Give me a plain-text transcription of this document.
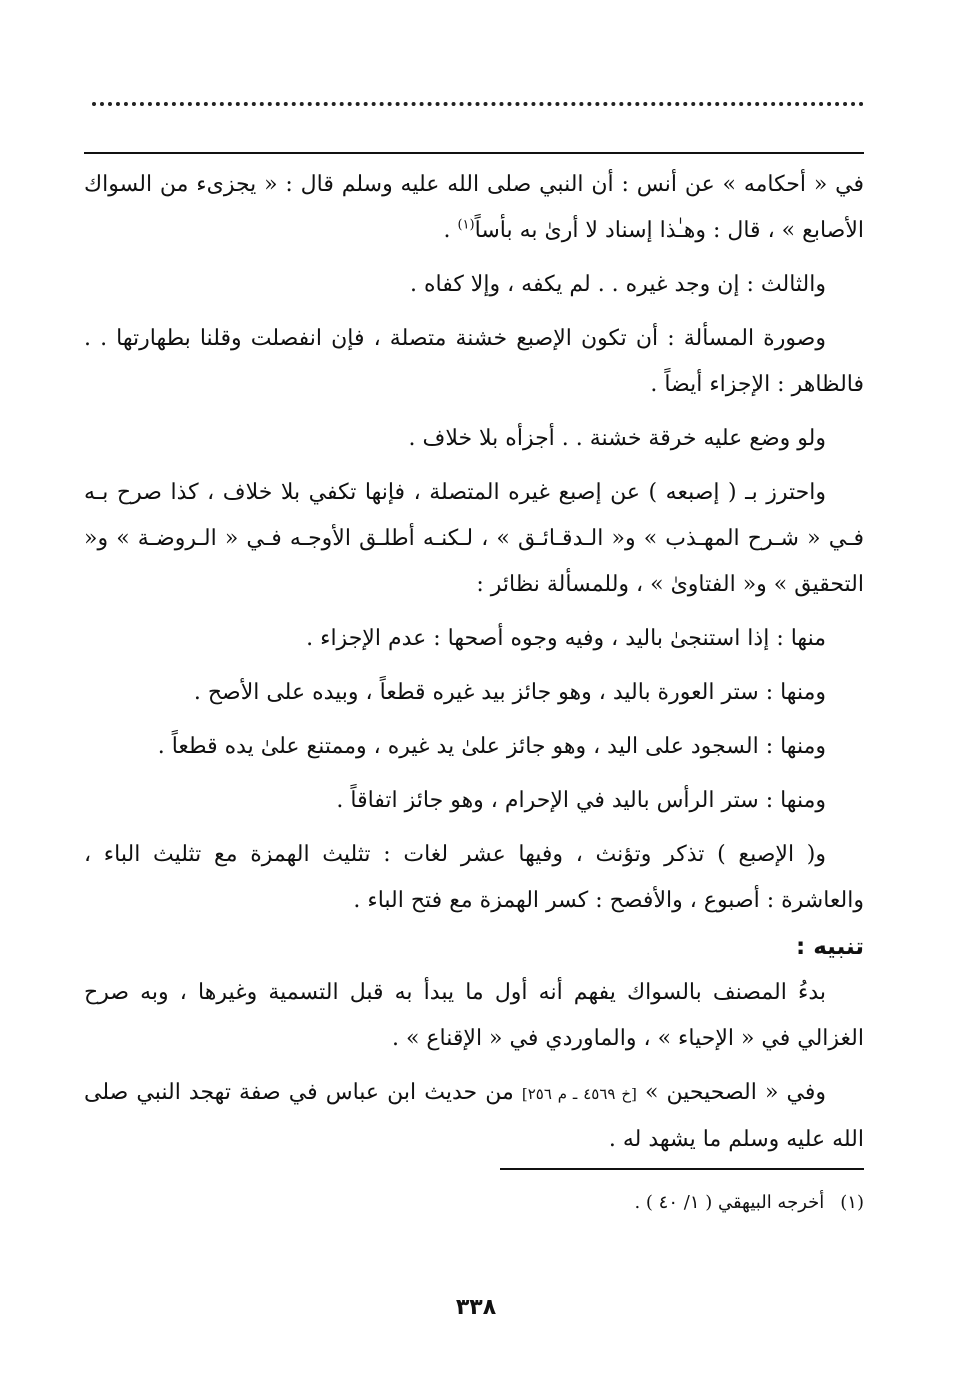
في « أحكامه » عن أنس : أن النبي صلى الله عليه وسلم قال : « يجزىء من السواك الأصابع » ، قال : وهـٰذا إسناد لا أرىٰ به بأساً$^{(١)}$ .

والثالث : إن وجد غيره . . لم يكفه ، وإلا كفاه .

وصورة المسألة : أن تكون الإصبع خشنة متصلة ، فإن انفصلت وقلنا بطهارتها . . فالظاهر : الإجزاء أيضاً .

ولو وضع عليه خرقة خشنة . . أجزأه بلا خلاف .

واحترز بـ ( إصبعه ) عن إصبع غيره المتصلة ، فإنها تكفي بلا خلاف ، كذا صرح بـه فـي « شـرح المهـذب » و« الـدقـائـق » ، لـكنـه أطلـق الأوجـه فـي « الـروضـة » و« التحقيق » و« الفتاوىٰ » ، وللمسألة نظائر :

منها : إذا استنجىٰ باليد ، وفيه وجوه أصحها : عدم الإجزاء .

ومنها : ستر العورة باليد ، وهو جائز بيد غيره قطعاً ، وبيده على الأصح .

ومنها : السجود على اليد ، وهو جائز علىٰ يد غيره ، وممتنع علىٰ يده قطعاً .

ومنها : ستر الرأس باليد في الإحرام ، وهو جائز اتفاقاً .

و( الإصبع ) تذكر وتؤنث ، وفيها عشر لغات : تثليث الهمزة مع تثليث الباء ، والعاشرة : أصبوع ، والأفصح : كسر الهمزة مع فتح الباء .

تنبيه :

بدءُ المصنف بالسواك يفهم أنه أول ما يبدأ به قبل التسمية وغيرها ، وبه صرح الغزالي في « الإحياء » ، والماوردي في « الإقناع » .

وفي « الصحيحين » [خ ٤٥٦٩ ـ م ٢٥٦] من حديث ابن عباس في صفة تهجد النبي صلى الله عليه وسلم ما يشهد له .

(١)أخرجه البيهقي ( ١/ ٤٠ ) .

٣٣٨
